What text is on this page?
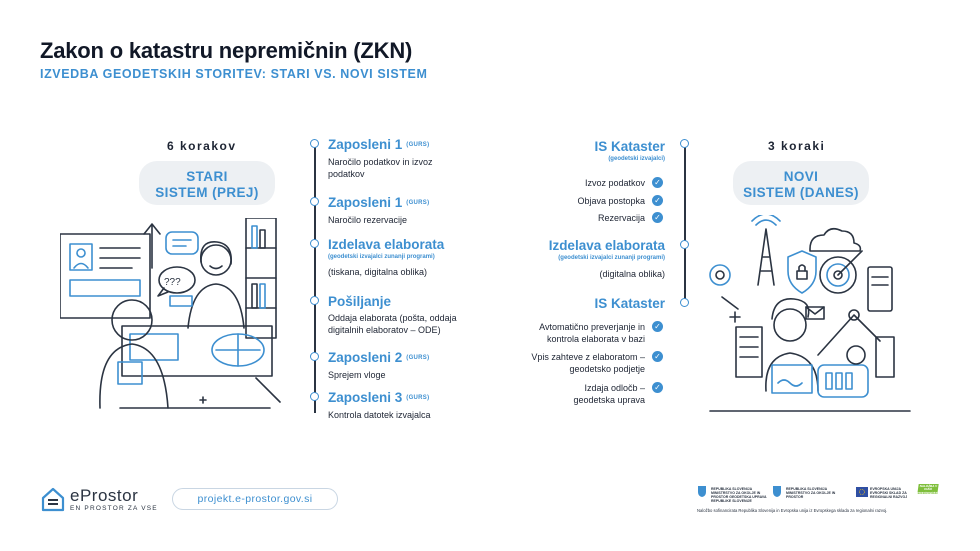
Zakon o katastru nepremičnin (ZKN)
IZVEDBA GEODETSKIH STORITEV: STARI VS. NOVI SISTEM
6 korakov
STARI
SISTEM (PREJ)
3 koraki
NOVI
SISTEM (DANES)
Zaposleni 1 (GURS)
Naročilo podatkov in izvoz podatkov
Zaposleni 1 (GURS)
Naročilo rezervacije
Izdelava elaborata
(geodetski izvajalci zunanji programi)
(tiskana, digitalna oblika)
Pošiljanje
Oddaja elaborata (pošta, oddaja digitalnih elaboratov – ODE)
Zaposleni 2 (GURS)
Sprejem vloge
Zaposleni 3 (GURS)
Kontrola datotek izvajalca
IS Kataster
(geodetski izvajalci)
Izdelava elaborata
(geodetski izvajalci zunanji programi)
(digitalna oblika)
IS Kataster
Izvoz podatkov ✓
Objava postopka ✓
Rezervacija ✓
Avtomatično preverjanje in
kontrola elaborata v bazi
✓
Vpis zahteve z elaboratom –
geodetsko podjetje
✓
Izdaja odločb –
geodetska uprava
✓
???
eProstor
EN PROSTOR ZA VSE
projekt.e-prostor.gov.si
REPUBLIKA SLOVENIJA MINISTRSTVO ZA OKOLJE IN PROSTOR GEODETSKA UPRAVA REPUBLIKE SLOVENIJE
REPUBLIKA SLOVENIJA MINISTRSTVO ZA OKOLJE IN PROSTOR
EVROPSKA UNIJA EVROPSKI SKLAD ZA REGIONALNI RAZVOJ
NALOŽBA V VAŠO PRIHODNOST
Naložbo sofinancirata Republika Slovenija in Evropska unija iz Evropskega sklada za regionalni razvoj.
